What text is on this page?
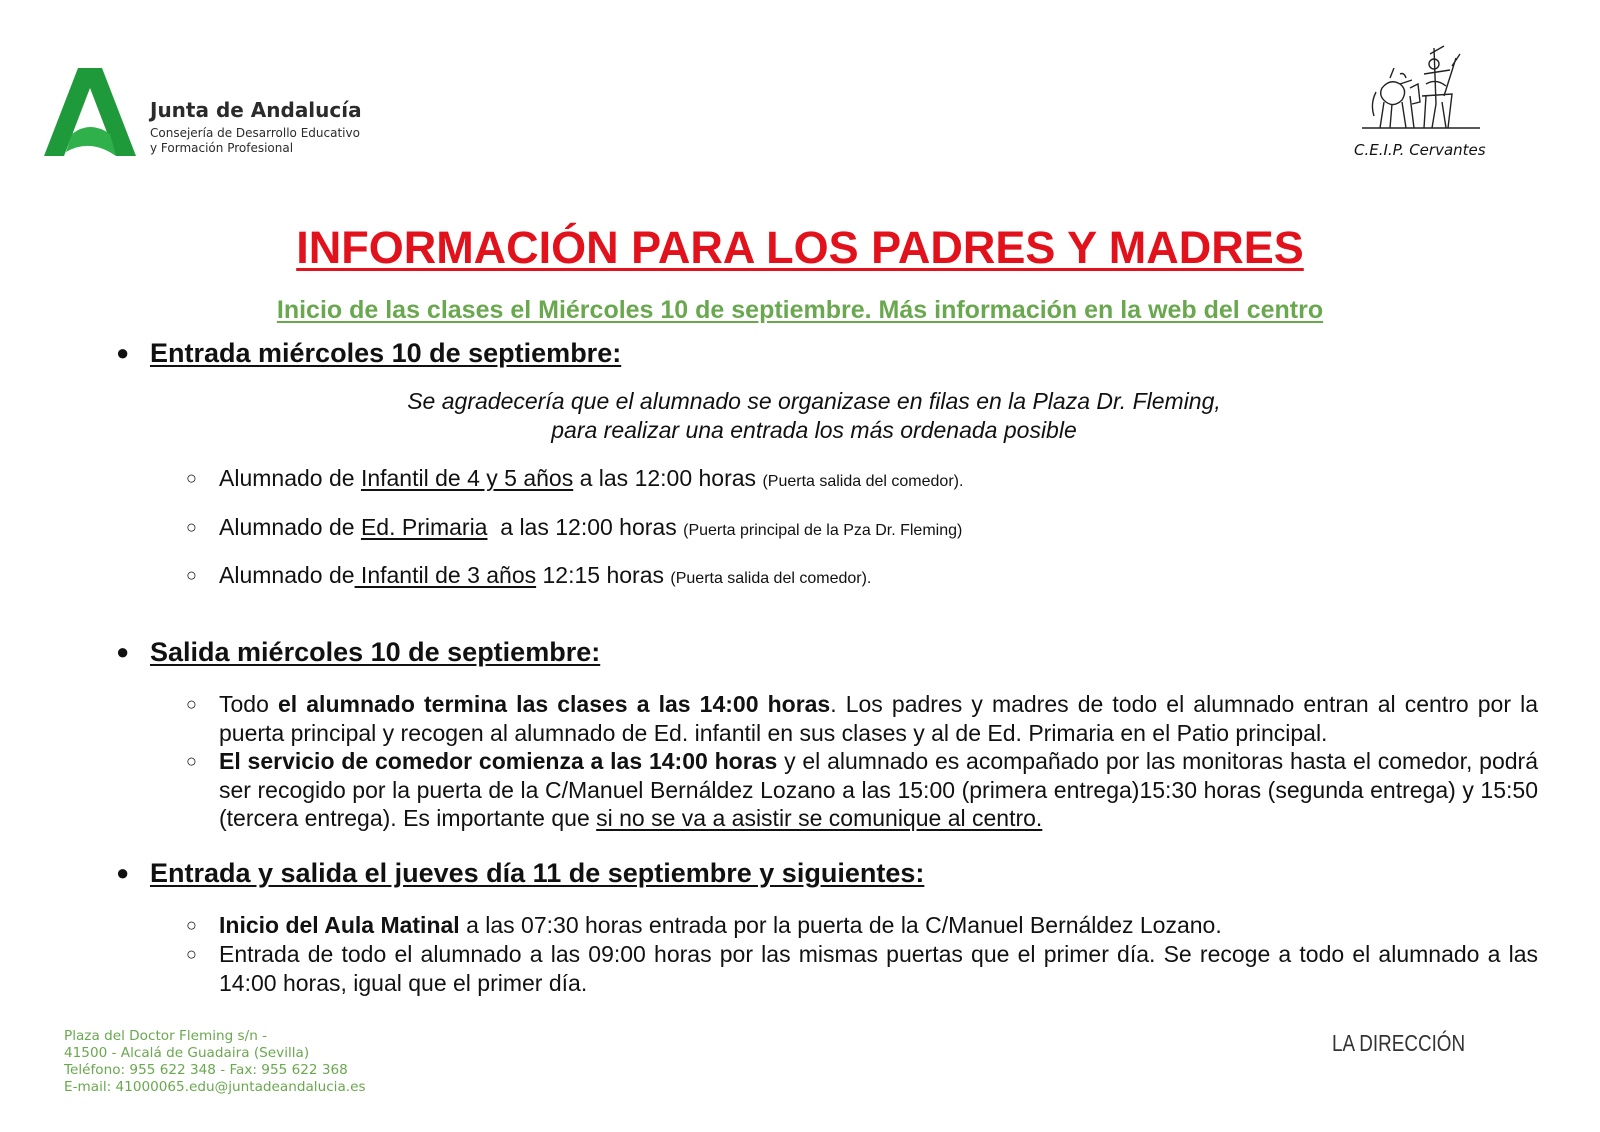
Junta de Andalucía
Consejería de Desarrollo Educativo
y Formación Profesional	C.E.I.P. Cervantes
INFORMACIÓN PARA LOS PADRES Y MADRES
Inicio de las clases el Miércoles 10 de septiembre. Más información en la web del centro
● Entrada miércoles 10 de septiembre:
Se agradecería que el alumnado se organizase en filas en la Plaza Dr. Fleming,
para realizar una entrada los más ordenada posible
○ Alumnado de Infantil de 4 y 5 años a las 12:00 horas (Puerta salida del comedor).
○ Alumnado de Ed. Primaria  a las 12:00 horas (Puerta principal de la Pza Dr. Fleming)
○ Alumnado de Infantil de 3 años 12:15 horas (Puerta salida del comedor).
● Salida miércoles 10 de septiembre:
○ Todo el alumnado termina las clases a las 14:00 horas. Los padres y madres de todo el alumnado entran al centro por la puerta principal y recogen al alumnado de Ed. infantil en sus clases y al de Ed. Primaria en el Patio principal.
○ El servicio de comedor comienza a las 14:00 horas y el alumnado es acompañado por las monitoras hasta el comedor, podrá ser recogido por la puerta de la C/Manuel Bernáldez Lozano a las 15:00 (primera entrega)15:30 horas (segunda entrega) y 15:50 (tercera entrega). Es importante que si no se va a asistir se comunique al centro.
● Entrada y salida el jueves día 11 de septiembre y siguientes:
○ Inicio del Aula Matinal a las 07:30 horas entrada por la puerta de la C/Manuel Bernáldez Lozano.
○ Entrada de todo el alumnado a las 09:00 horas por las mismas puertas que el primer día. Se recoge a todo el alumnado a las 14:00 horas, igual que el primer día.
LA DIRECCIÓN
Plaza del Doctor Fleming s/n -
41500 - Alcalá de Guadaira (Sevilla)
Teléfono: 955 622 348 - Fax: 955 622 368
E-mail: 41000065.edu@juntadeandalucia.es
